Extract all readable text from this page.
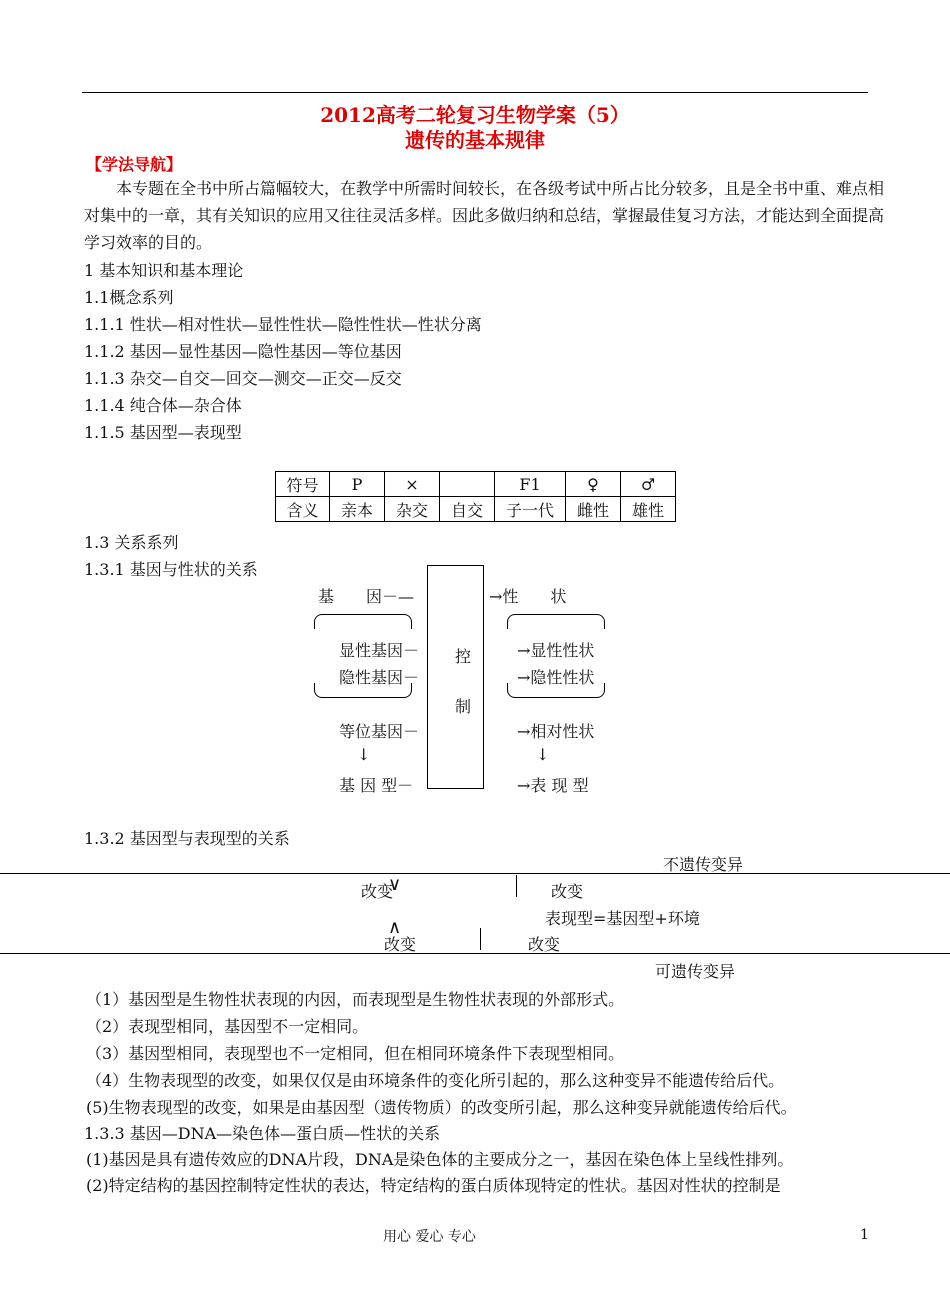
2012高考二轮复习生物学案（5）
遗传的基本规律
【学法导航】
本专题在全书中所占篇幅较大，在教学中所需时间较长，在各级考试中所占比分较多，且是全书中重、难点相对集中的一章，其有关知识的应用又往往灵活多样。因此多做归纳和总结，掌握最佳复习方法，才能达到全面提高学习效率的目的。
1 基本知识和基本理论
1.1概念系列
1.1.1 性状—相对性状—显性性状—隐性性状—性状分离
1.1.2 基因—显性基因—隐性基因—等位基因
1.1.3 杂交—自交—回交—测交—正交—反交
1.1.4 纯合体—杂合体
1.1.5 基因型—表现型
符号	P	×		F1	♀	♂
含义	亲本	杂交	自交	子一代	雌性	雄性
1.3 关系系列
1.3.1 基因与性状的关系
基　　因－—
显性基因－
隐性基因－
等位基因－
↓
基 因 型－
控
制
→性　　状
→显性性状
→隐性性状
→相对性状
↓
→表 现 型
1.3.2 基因型与表现型的关系
不遗传变异
改变
∨	改变
表现型=基因型+环境
∧
改变	改变
可遗传变异
（1）基因型是生物性状表现的内因，而表现型是生物性状表现的外部形式。
（2）表现型相同，基因型不一定相同。
（3）基因型相同，表现型也不一定相同，但在相同环境条件下表现型相同。
（4）生物表现型的改变，如果仅仅是由环境条件的变化所引起的，那么这种变异不能遗传给后代。
(5)生物表现型的改变，如果是由基因型（遗传物质）的改变所引起，那么这种变异就能遗传给后代。
1.3.3 基因—DNA—染色体—蛋白质—性状的关系
(1)基因是具有遗传效应的DNA片段，DNA是染色体的主要成分之一，基因在染色体上呈线性排列。
(2)特定结构的基因控制特定性状的表达，特定结构的蛋白质体现特定的性状。基因对性状的控制是
用心 爱心 专心	1
